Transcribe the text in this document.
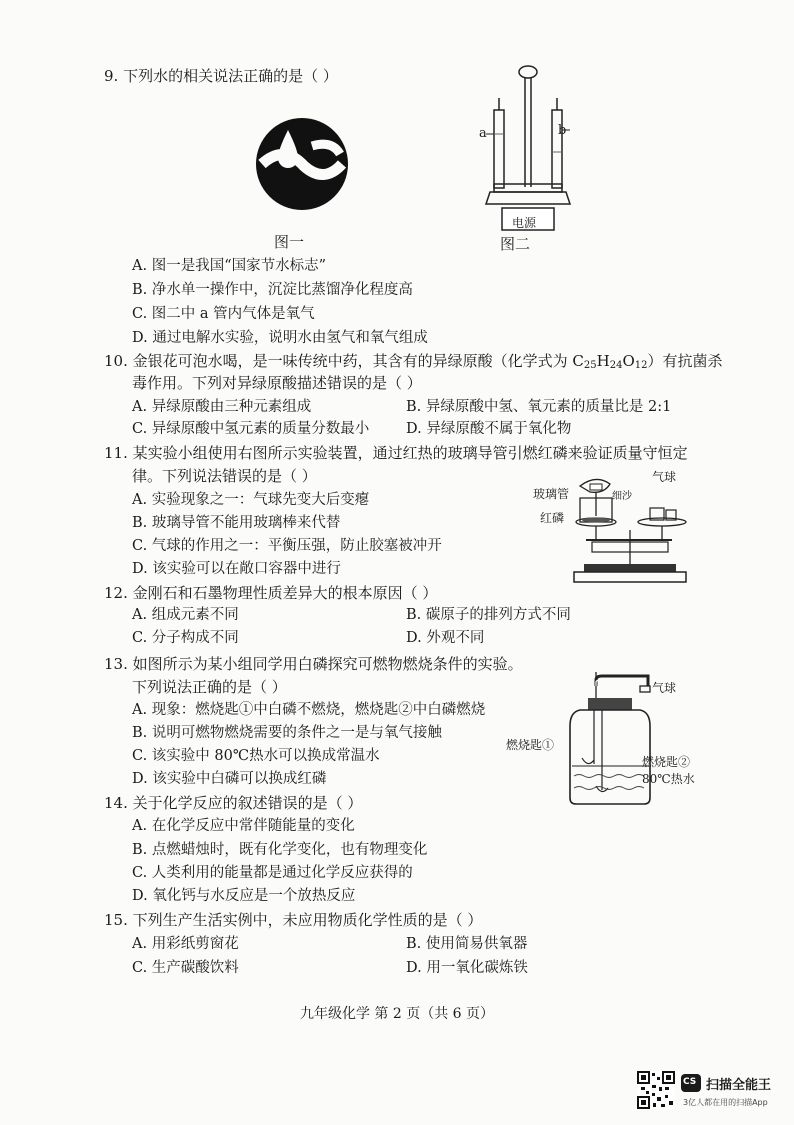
9. 下列水的相关说法正确的是（ ）
图一
a	b
电源
图二
A. 图一是我国“国家节水标志”
B. 净水单一操作中，沉淀比蒸馏净化程度高
C. 图二中 a 管内气体是氧气
D. 通过电解水实验，说明水由氢气和氧气组成
10. 金银花可泡水喝，是一味传统中药，其含有的异绿原酸（化学式为 $C_{25}H_{24}O_{12}$）有抗菌杀
毒作用。下列对异绿原酸描述错误的是（ ）
A. 异绿原酸由三种元素组成	B. 异绿原酸中氢、氧元素的质量比是 2:1
C. 异绿原酸中氢元素的质量分数最小	D. 异绿原酸不属于氧化物
11. 某实验小组使用右图所示实验装置，通过红热的玻璃导管引燃红磷来验证质量守恒定
律。下列说法错误的是（ ）
A. 实验现象之一：气球先变大后变瘪
B. 玻璃导管不能用玻璃棒来代替
C. 气球的作用之一：平衡压强，防止胶塞被冲开
D. 该实验可以在敞口容器中进行
气球
玻璃管	细沙
红磷
12. 金刚石和石墨物理性质差异大的根本原因（ ）
A. 组成元素不同	B. 碳原子的排列方式不同
C. 分子构成不同	D. 外观不同
13. 如图所示为某小组同学用白磷探究可燃物燃烧条件的实验。
下列说法正确的是（ ）
A. 现象：燃烧匙①中白磷不燃烧，燃烧匙②中白磷燃烧
B. 说明可燃物燃烧需要的条件之一是与氧气接触
C. 该实验中 80℃热水可以换成常温水
D. 该实验中白磷可以换成红磷
气球
燃烧匙①
燃烧匙②
80℃热水
14. 关于化学反应的叙述错误的是（ ）
A. 在化学反应中常伴随能量的变化
B. 点燃蜡烛时，既有化学变化，也有物理变化
C. 人类利用的能量都是通过化学反应获得的
D. 氧化钙与水反应是一个放热反应
15. 下列生产生活实例中，未应用物质化学性质的是（ ）
A. 用彩纸剪窗花	B. 使用简易供氧器
C. 生产碳酸饮料	D. 用一氧化碳炼铁
九年级化学 第 2 页（共 6 页）
CS 扫描全能王
3亿人都在用的扫描App
